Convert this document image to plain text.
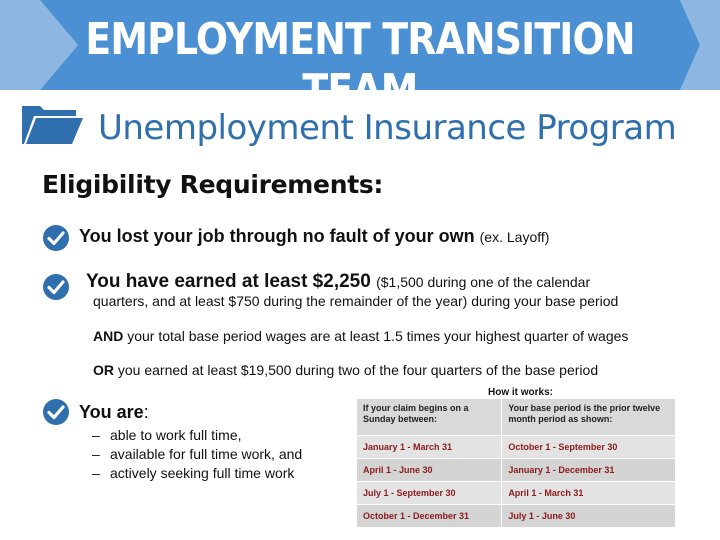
EMPLOYMENT TRANSITION TEAM
Unemployment Insurance Program
Eligibility Requirements:
You lost your job through no fault of your own (ex. Layoff)
You have earned at least $2,250 ($1,500 during one of the calendar
quarters, and at least $750 during the remainder of the year) during your base period
AND your total base period wages are at least 1.5 times your highest quarter of wages
OR you earned at least $19,500 during two of the four quarters of the base period
You are:
– able to work full time,
– available for full time work, and
– actively seeking full time work
How it works:
If your claim begins on a Sunday between:	Your base period is the prior twelve month period as shown:
January 1 - March 31	October 1 - September 30
April 1 - June 30	January 1 - December 31
July 1 - September 30	April 1 - March 31
October 1 - December 31	July 1 - June 30
